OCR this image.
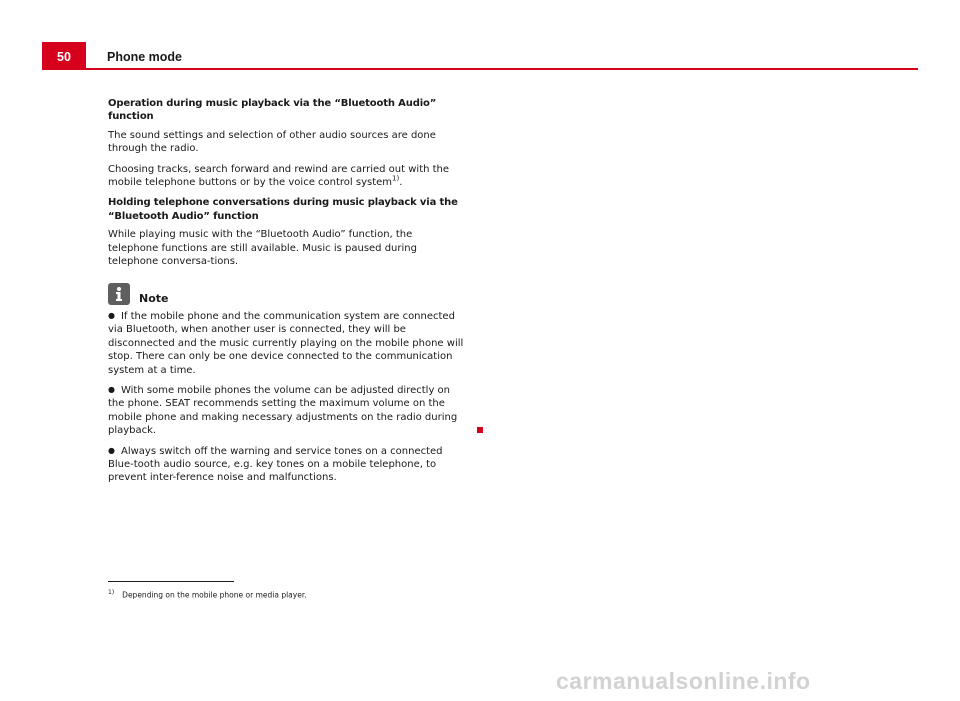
50	Phone mode

Operation during music playback via the “Bluetooth Audio” function

The sound settings and selection of other audio sources are done through the radio.

Choosing tracks, search forward and rewind are carried out with the mobile telephone buttons or by the voice control system$^{1)}$.

Holding telephone conversations during music playback via the “Bluetooth Audio” function

While playing music with the “Bluetooth Audio” function, the telephone functions are still available. Music is paused during telephone conversa-tions.

Note

● If the mobile phone and the communication system are connected via Bluetooth, when another user is connected, they will be disconnected and the music currently playing on the mobile phone will stop. There can only be one device connected to the communication system at a time.

● With some mobile phones the volume can be adjusted directly on the phone. SEAT recommends setting the maximum volume on the mobile phone and making necessary adjustments on the radio during playback.

● Always switch off the warning and service tones on a connected Blue-tooth audio source, e.g. key tones on a mobile telephone, to prevent inter-ference noise and malfunctions.

$^{1)}$ Depending on the mobile phone or media player.
carmanualsonline.info
